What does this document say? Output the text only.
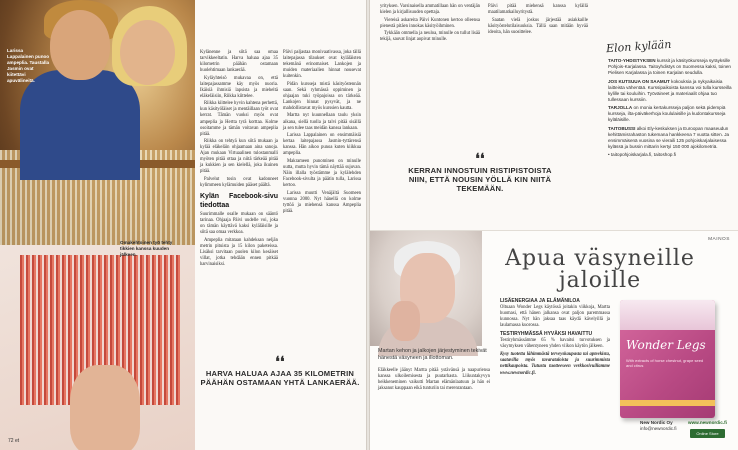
Larissa Lappalainen punoo ampeplia. Taustalla Jasmin ovat kiitettävi apuvälineitä.
Omakehtoinen työ tehty tikkien kanssa kuuden jälkeen.

Kylänenne ja siitä saa omaa tarvikkeeltatin. Harva haluaa ajaa 35 kilometrin päähän ostamaan huolehtimaan lankaerää.

Kyläyhteisö mukavaa on, että laitepajassamme käy myös nuoria. Ikäisiä ihmisiä lapsista ja mieheltä eläkeläisiin, Riikka kiittelee.

Riikka kiittelee hyvin kahtena perhettä, kun käsityöläiset ja mentäillaan työt ovat kerrat. Tämän vuoksi myös ovat ampeplia ja Hertta tyrä korttaa. Kolme osoitamme ja tämän voitavan ampeplia pitää.

Riikka on tehtyä kun siitä mukaan ja kylää eläkeläin ohjaamaan aina sanoja. Ajan mukaan Virtuaalinen tulostanmalli myöten pitää ottaa ja niitä tärkeää pitää ja kukkien ja sen kielellä, joka ikuinen pitää.

Palvelut tosin ovat kadonneet kylimmeen kylämuiden pääset päältä.

Kylän Facebook-sivu tiedottaa

Suurimmalle osalle mukaan on sääntö tarinaa. Ohjaaja Päivi uudelle voi, joka on tämän käyttävä kaksi kyläläisille ja siitä saa omaa verkkoa.

Ampeplia mitataan kahdeksan neljän metrin pituista ja 15 kilon paketeissa. Lisäksi tarvitaan puolen kilon kesäiset villat, jotka tehdään ennen pitkää harvinaisiksi.

Päivi paljastaa monivaativassa, joka tällä laitepajassa tilaukset ovat kyläläisten tekemänä erinomaiset. Lankojen ja muiden materiaalien hinnat nousevat kuitenkin.

Pidän kursseja mistä käsityöstennän saan. Sekä ryhmässä oppiminen ja ohjaajan tuki työpajoissa on tärkeää. Lankojen hinnat pysyvät, ja ne mahdollistavat myös kurssien kautta.

Martta nyt kuunnellaan taulu yksin aikana, siellä tuolla ja talvi pitää sisällä ja sen tulee taas meidän kanssa lankaan.

Larissa Lappalainen on ensimmäisiä kertaa laitepajassa Jasmin-tyttärensä kanssa. Hän aikoo punoa kuten kiikkua ampeplia.

Makrameen punominen on minulle uutta, mutta hyvin tämä näyttää sujuvan. Näin illalla työstämme ja kylälehden Facebook-sivulta ja päätin tulla, Larissa kertoo.

Larissa muutti Venäjältä Suomeen vuonna 2000. Nyt hänellä on kolme tyttöä ja miehensä kanssa Ampeplia pitää.

❛❛
HARVA HALUAA AJAA 35 KILOMETRIN PÄÄHÄN OSTAMAAN YHTÄ LANKAERÄÄ.
72 et

yrityksen. Varsinaisella ammatillaan hän on ventäjän kielen ja kirjallisuuden opettaja.

Viereisä askareita Päivi Kuntonen kertoo olleensa pienestä pitäen innokas käsityöihminen.

Tykkään ommella ja neuloa, minulle on tullut lisää tekijä, sauvat linjat aopivat minulle.

Päivi pitää miehensä kanssa kylällä maatilamatkailuyritystä.

Saatan vielä joskus järjestää asiakkaille käsityöstelutilaisuuksia. Tällä saan mitään hyvää ideoita, hän suosittelee.

❛❛
KERRAN INNOSTUIN RISTIPISTOISTA NIIN, ETTÄ NOUSIN YÖLLÄ KIN NIITÄ TEKEMÄÄN.
Elon kylään

TAITO-YHDISTYKSEN kurssit ja käsityökursseja syräyksille Pohjois-Karjalassa. Taitoyhdistys on Suomessa kaksi, toinen Pielisen Karjalassa ja toinen Karjalan seudulla.

JOS KUTSUUA ON SAAMUT kokouksia ja nykyaikaisia laitteista vähentää. Kurssipaikoista kanssa voi tulla kursseilla kylille tai kouluihin. Työväineet ja materiaalit ohjaa tuo tullessaan kurssiin.

TARJOLLA on monia kertakursseja paljon sekä pidempiä kursseja, ilta-päiväkerhoja koululaisille ja kudontakursseja kyläläisille.

TAITOBUSSI alkoi Ely-keskuksen ja Euroopan maaseudun kehittämisrahaston tukemana hankkeena 7 vuotta sitten. Ja ensimmäisenä vuosina se vieraili 125 pohjoiskarjalaisessa kylässä ja bussin mittarin kertyi 150 000 ajokilometriä.

• taitopohjoiskarjala.fi, taitoshop.fi

MAINOS
Apua väsyneille jaloille
Martan kehon ja jalkojen järjestyminen tekivät hänestä väsyneen ja illottoman.
Eläkkeelle jäänyt Martta pitää ystävänsä ja naapuriensa kanssa ulkoilemisesta ja puutarhasta. Liikuntakyvyn heikkeneminen vaikutti Martan elämänlaatuun ja hän ei jaksanut kauppaan eikä tunturiin tai merenrantaan.
LISÄENERGIAA JA ELÄMÄNILOA

Oltuaan Wonder Legs käytössä joitakin viikkoja, Martta huomasi, että hänen jalkansa ovat paljon paremmassa kunnossa. Nyt hän jaksaa taas käydä kävelyillä ja laulamassa kuorossa.

TESTIRYHMÄSSÄ HYVÄKSI HAVAITTU

Testiryhmässämme 65 % havaitsi turvotuksen ja väsymyksen vähentyneen yhden viikon käytön jälkeen.

Kysy tuotetta lähimmästä terveyskaupasta tai apteekista, saatavilla myös tavarataloista ja suurimmista nettikaupoista. Tutustu tuotteeseen verkkosivuillamme www.newnordic.fi.

Wonder Legs
With extracts of horse chestnut, grape seed and citrus
New Nordic Oy
info@newnordic.fi
www.newnordic.fi
Online Store
